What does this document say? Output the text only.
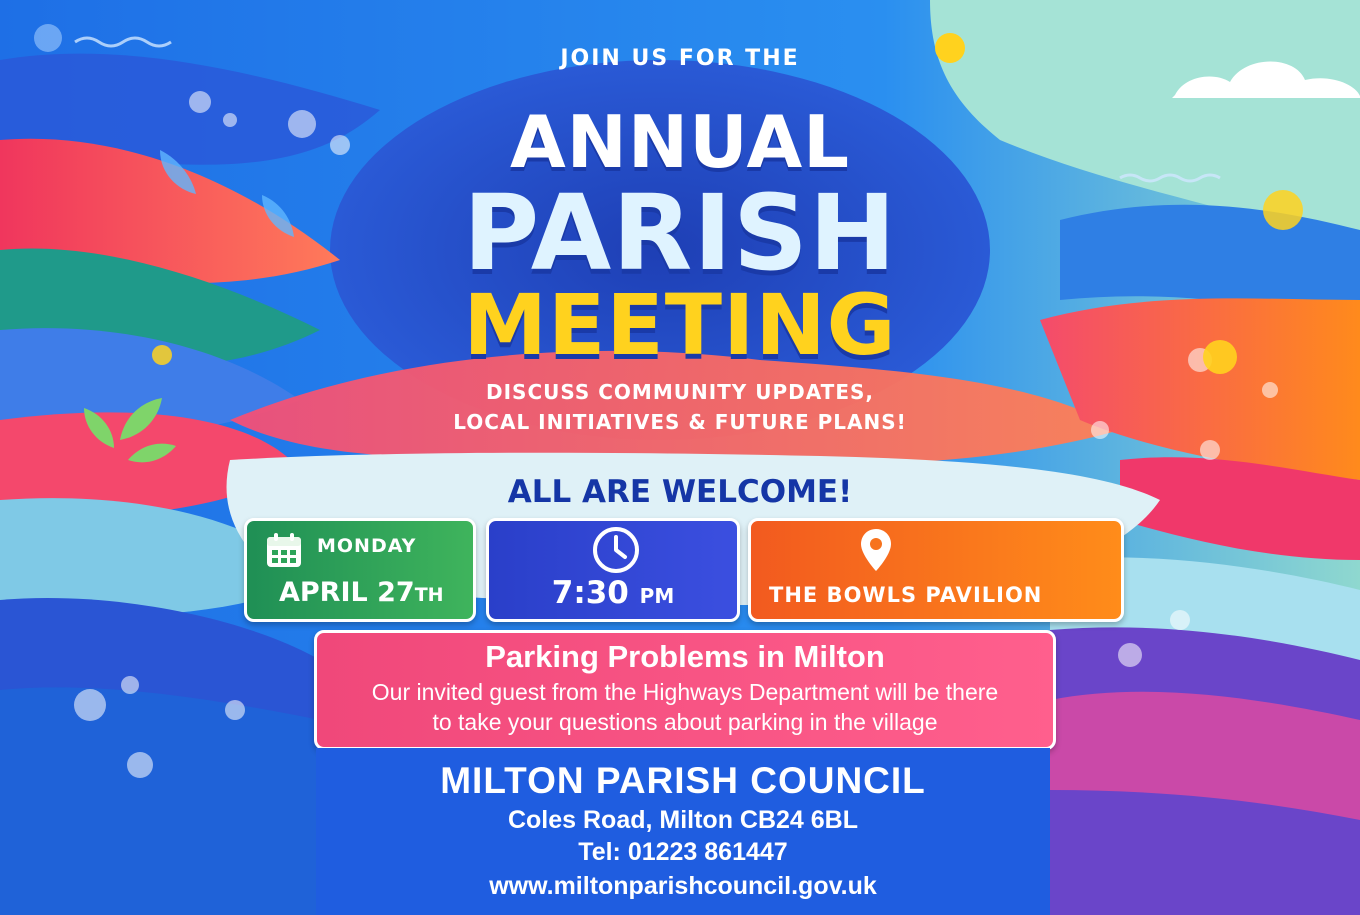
JOIN US FOR THE
ANNUAL
PARISH
MEETING
DISCUSS COMMUNITY UPDATES,
LOCAL INITIATIVES & FUTURE PLANS!
ALL ARE WELCOME!
MONDAY
APRIL 27TH	7:30 PM	THE BOWLS PAVILION
Parking Problems in Milton
Our invited guest from the Highways Department will be there
to take your questions about parking in the village
MILTON PARISH COUNCIL
Coles Road, Milton CB24 6BL
Tel: 01223 861447
www.miltonparishcouncil.gov.uk
